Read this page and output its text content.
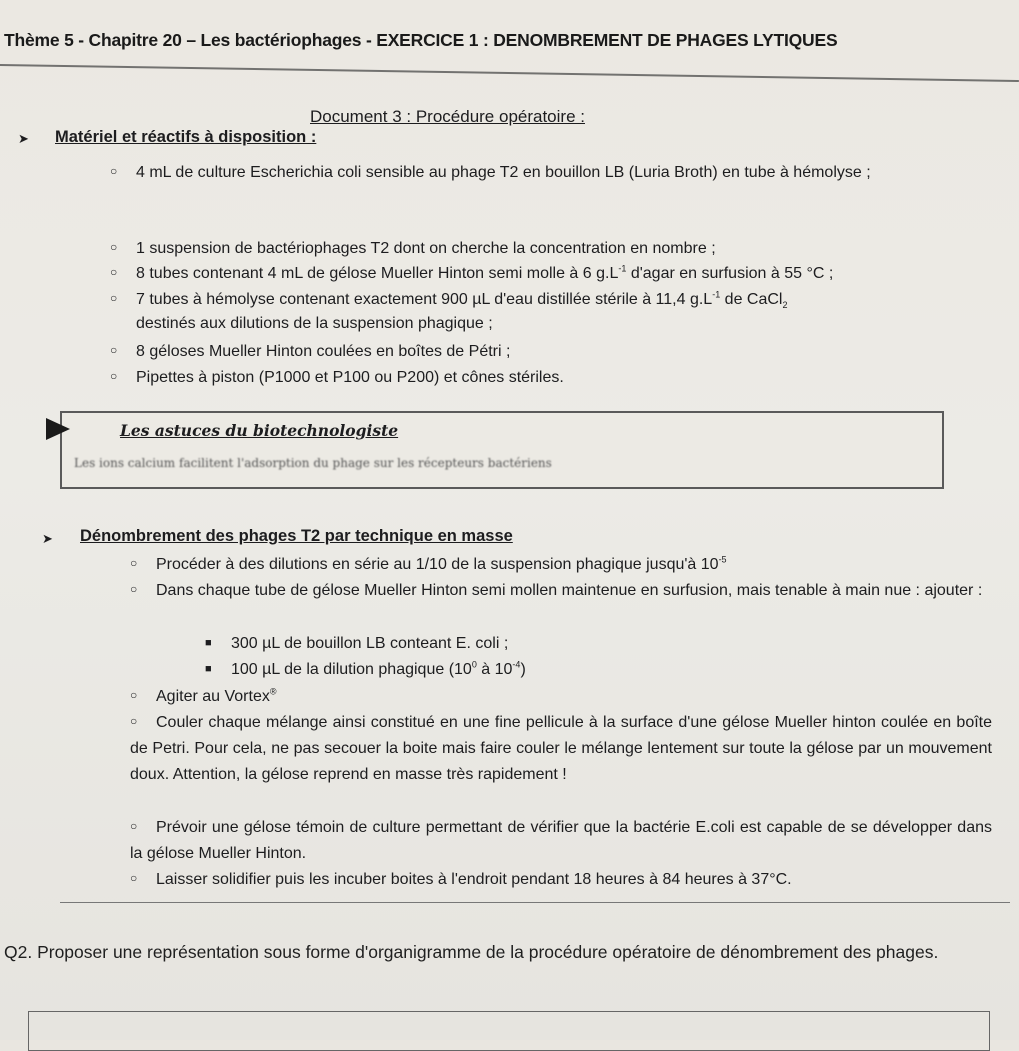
Thème 5 - Chapitre 20 – Les bactériophages - EXERCICE 1 : DENOMBREMENT DE PHAGES LYTIQUES
Document 3 : Procédure opératoire :
➤ Matériel et réactifs à disposition :
○ 4 mL de culture Escherichia coli sensible au phage T2 en bouillon LB (Luria Broth) en tube à hémolyse ;
○ 1 suspension de bactériophages T2 dont on cherche la concentration en nombre ;
○ 8 tubes contenant 4 mL de gélose Mueller Hinton semi molle à 6 $g.L^{-1}$ d'agar en surfusion à 55 °C ;
○ 7 tubes à hémolyse contenant exactement 900 µL d'eau distillée stérile à 11,4 $g.L^{-1}$ de CaCl$_2$
destinés aux dilutions de la suspension phagique ;
○ 8 géloses Mueller Hinton coulées en boîtes de Pétri ;
○ Pipettes à piston (P1000 et P100 ou P200) et cônes stériles.
Les astuces du biotechnologiste
Les ions calcium facilitent l'adsorption du phage sur les récepteurs bactériens
➤ Dénombrement des phages T2 par technique en masse
○ Procéder à des dilutions en série au 1/10 de la suspension phagique jusqu'à $10^{-5}$
○ Dans chaque tube de gélose Mueller Hinton semi mollen maintenue en surfusion, mais tenable à main nue : ajouter :
■ 300 µL de bouillon LB conteant E. coli ;
■ 100 µL de la dilution phagique ($10^0$ à $10^{-4}$)
○ Agiter au Vortex®
○ Couler chaque mélange ainsi constitué en une fine pellicule à la surface d'une gélose Mueller hinton coulée en boîte de Petri. Pour cela, ne pas secouer la boite mais faire couler le mélange lentement sur toute la gélose par un mouvement doux. Attention, la gélose reprend en masse très rapidement !
○ Prévoir une gélose témoin de culture permettant de vérifier que la bactérie E.coli est capable de se développer dans la gélose Mueller Hinton.
○ Laisser solidifier puis les incuber boites à l'endroit pendant 18 heures à 84 heures à 37°C.
Q2. Proposer une représentation sous forme d'organigramme de la procédure opératoire de dénombrement des phages.
